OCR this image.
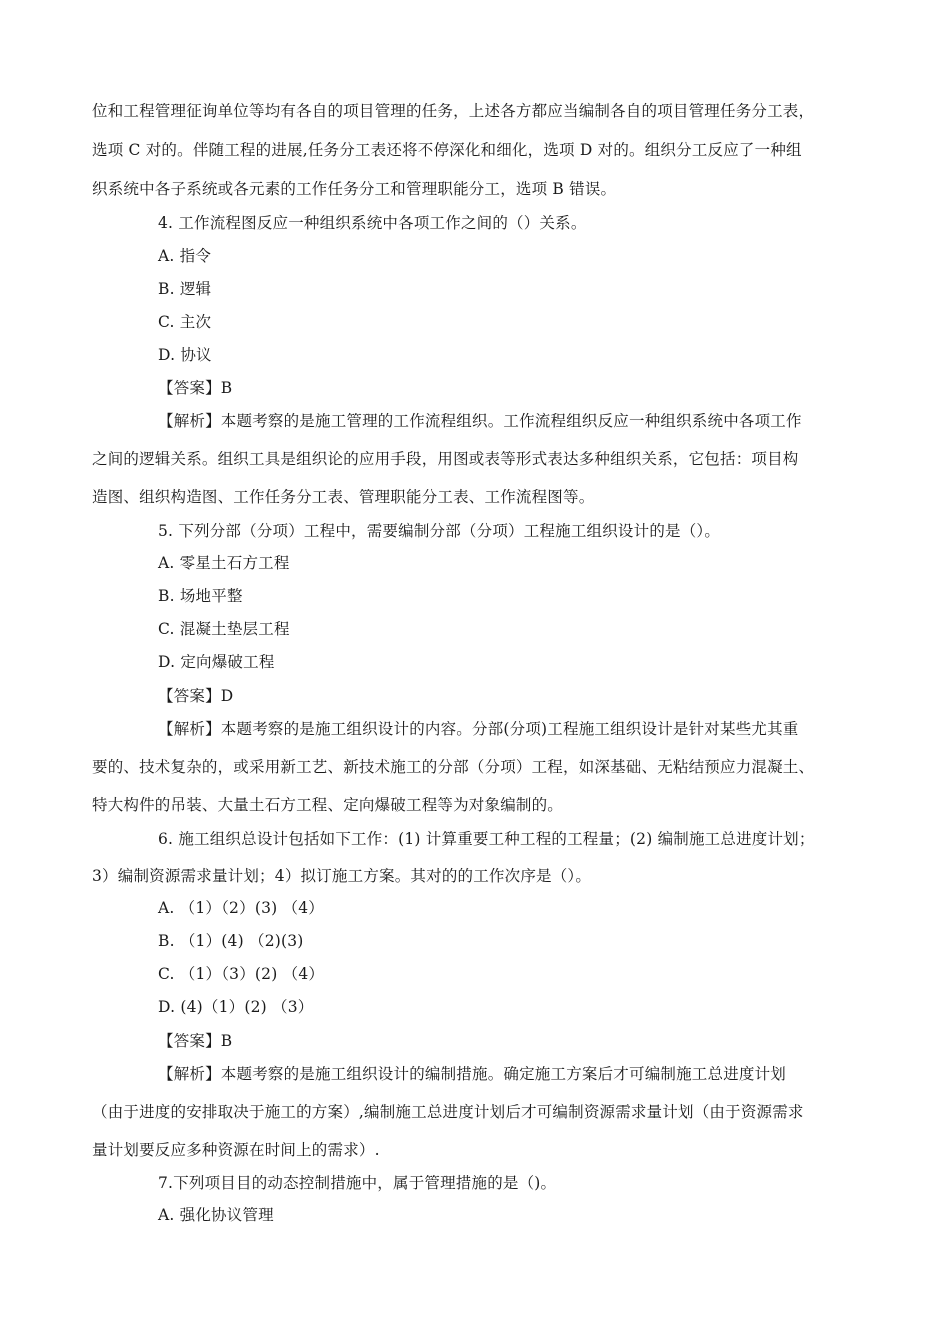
位和工程管理征询单位等均有各自的项目管理的任务，上述各方都应当编制各自的项目管理任务分工表，
选项 C 对的。伴随工程的进展,任务分工表还将不停深化和细化，选项 D 对的。组织分工反应了一种组
织系统中各子系统或各元素的工作任务分工和管理职能分工，选项 B 错误。
4. 工作流程图反应一种组织系统中各项工作之间的（）关系。
A. 指令
B. 逻辑
C. 主次
D. 协议
【答案】B
【解析】本题考察的是施工管理的工作流程组织。工作流程组织反应一种组织系统中各项工作
之间的逻辑关系。组织工具是组织论的应用手段，用图或表等形式表达多种组织关系，它包括：项目构
造图、组织构造图、工作任务分工表、管理职能分工表、工作流程图等。
5. 下列分部（分项）工程中，需要编制分部（分项）工程施工组织设计的是（）。
A. 零星土石方工程
B. 场地平整
C. 混凝土垫层工程
D. 定向爆破工程
【答案】D
【解析】本题考察的是施工组织设计的内容。分部(分项)工程施工组织设计是针对某些尤其重
要的、技术复杂的，或采用新工艺、新技术施工的分部（分项）工程，如深基础、无粘结预应力混凝土、
特大构件的吊装、大量土石方工程、定向爆破工程等为对象编制的。
6. 施工组织总设计包括如下工作：(1) 计算重要工种工程的工程量；(2) 编制施工总进度计划；
3）编制资源需求量计划；4）拟订施工方案。其对的的工作次序是（）。
A. （1）（2）(3) （4）
B. （1）(4) （2)(3)
C. （1）（3）(2) （4）
D. (4)（1）(2) （3）
【答案】B
【解析】本题考察的是施工组织设计的编制措施。确定施工方案后才可编制施工总进度计划
（由于进度的安排取决于施工的方案）,编制施工总进度计划后才可编制资源需求量计划（由于资源需求
量计划要反应多种资源在时间上的需求）.
7.下列项目目的动态控制措施中，属于管理措施的是（)。
A. 强化协议管理
